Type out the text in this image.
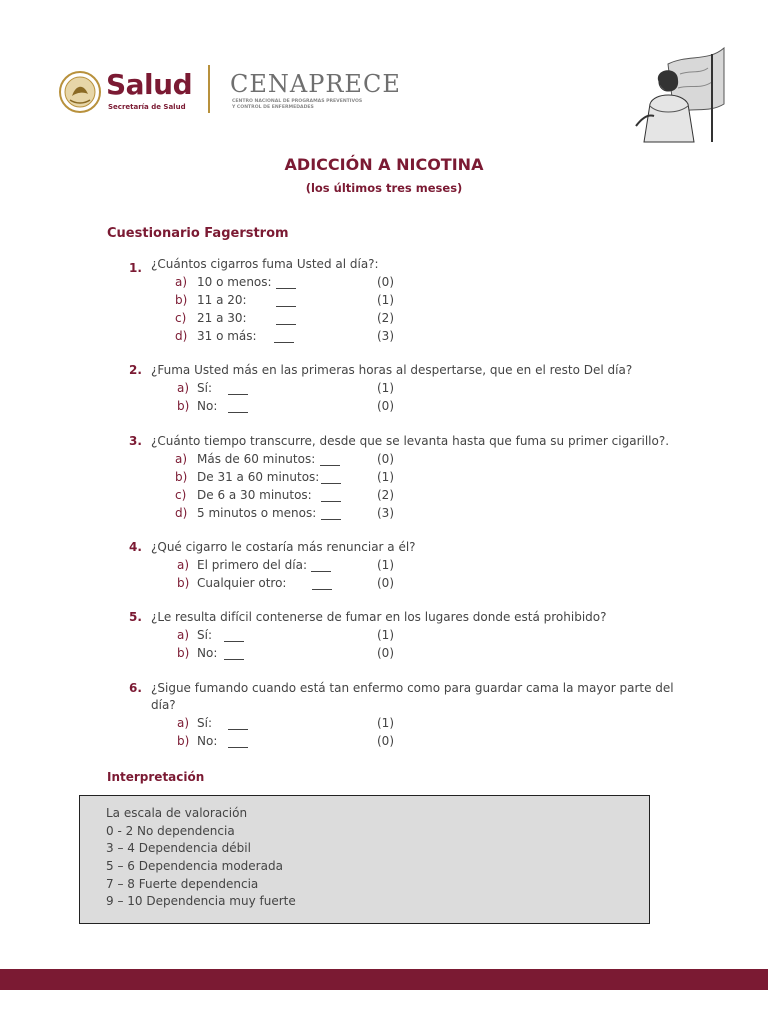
Salud
Secretaría de Salud
CENAPRECE
CENTRO NACIONAL DE PROGRAMAS PREVENTIVOS
Y CONTROL DE ENFERMEDADES
ADICCIÓN A NICOTINA
(los últimos tres meses)
Cuestionario Fagerstrom
1. ¿Cuántos cigarros fuma Usted al día?:
a) 10 o menos:	(0)
b) 11 a 20:	(1)
c) 21 a 30:	(2)
d) 31 o más:	(3)
2. ¿Fuma Usted más en las primeras horas al despertarse, que en el resto Del día?
a) Sí:	(1)
b) No:	(0)
3. ¿Cuánto tiempo transcurre, desde que se levanta hasta que fuma su primer cigarillo?.
a) Más de 60 minutos:	(0)
b) De 31 a 60 minutos:	(1)
c) De 6 a 30 minutos:	(2)
d) 5 minutos o menos:	(3)
4. ¿Qué cigarro le costaría más renunciar a él?
a) El primero del día:	(1)
b) Cualquier otro:	(0)
5. ¿Le resulta difícil contenerse de fumar en los lugares donde está prohibido?
a) Sí:	(1)
b) No:	(0)
6. ¿Sigue fumando cuando está tan enfermo como para guardar cama la mayor parte del
día?
a) Sí:	(1)
b) No:	(0)
Interpretación
La escala de valoración
0 - 2 No dependencia
3 – 4 Dependencia débil
5 – 6 Dependencia moderada
7 – 8 Fuerte dependencia
9 – 10 Dependencia muy fuerte
